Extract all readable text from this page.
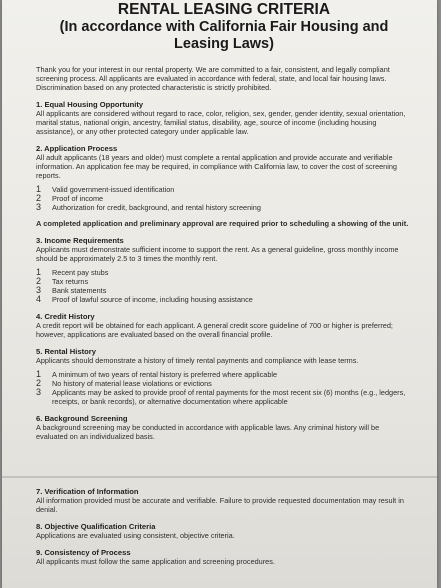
RENTAL LEASING CRITERIA
(In accordance with California Fair Housing and Leasing Laws)

Thank you for your interest in our rental property. We are committed to a fair, consistent, and legally compliant screening process. All applicants are evaluated in accordance with federal, state, and local fair housing laws. Discrimination based on any protected characteristic is strictly prohibited.

1. Equal Housing Opportunity

All applicants are considered without regard to race, color, religion, sex, gender, gender identity, sexual orientation, marital status, national origin, ancestry, familial status, disability, age, source of income (including housing assistance), or any other protected category under applicable law.

2. Application Process

All adult applicants (18 years and older) must complete a rental application and provide accurate and verifiable information. An application fee may be required, in compliance with California law, to cover the cost of screening reports.

1	Valid government-issued identification
2	Proof of income
3	Authorization for credit, background, and rental history screening

A completed application and preliminary approval are required prior to scheduling a showing of the unit.

3. Income Requirements

Applicants must demonstrate sufficient income to support the rent. As a general guideline, gross monthly income should be approximately 2.5 to 3 times the monthly rent.

1	Recent pay stubs
2	Tax returns
3	Bank statements
4	Proof of lawful source of income, including housing assistance

4. Credit History

A credit report will be obtained for each applicant. A general credit score guideline of 700 or higher is preferred; however, applications are evaluated based on the overall financial profile.

5. Rental History

Applicants should demonstrate a history of timely rental payments and compliance with lease terms.

1	A minimum of two years of rental history is preferred where applicable
2	No history of material lease violations or evictions
3	Applicants may be asked to provide proof of rental payments for the most recent six (6) months (e.g., ledgers, receipts, or bank records), or alternative documentation where applicable

6. Background Screening

A background screening may be conducted in accordance with applicable laws. Any criminal history will be evaluated on an individualized basis.

7. Verification of Information

All information provided must be accurate and verifiable. Failure to provide requested documentation may result in denial.

8. Objective Qualification Criteria

Applications are evaluated using consistent, objective criteria.

9. Consistency of Process

All applicants must follow the same application and screening procedures.
